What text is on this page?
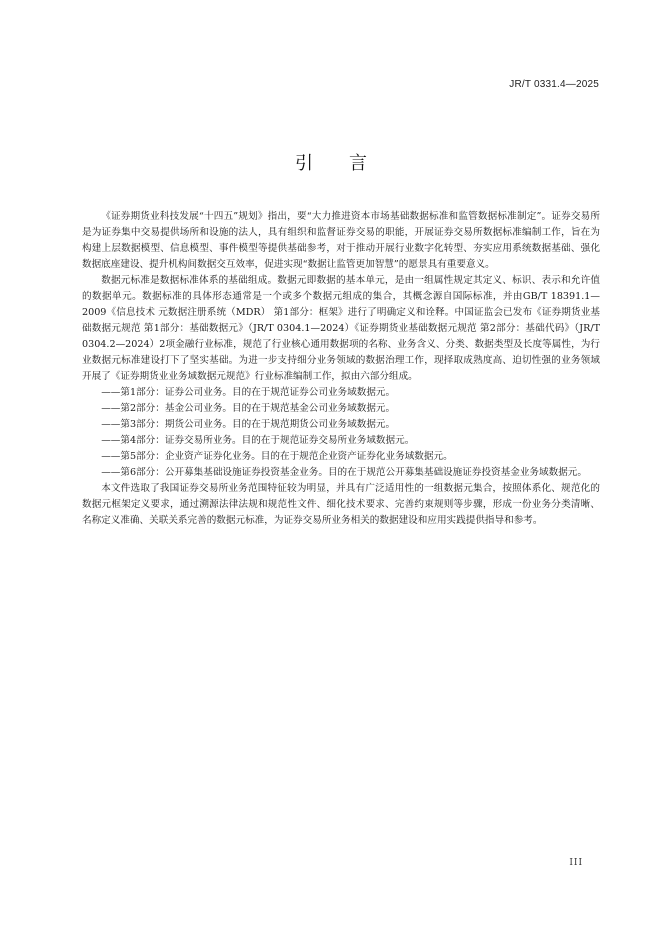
JR/T 0331.4—2025
引言

《证券期货业科技发展“十四五”规划》指出，要“大力推进资本市场基础数据标准和监管数据标准制定”。证券交易所是为证券集中交易提供场所和设施的法人，具有组织和监督证券交易的职能，开展证券交易所数据标准编制工作，旨在为构建上层数据模型、信息模型、事件模型等提供基础参考，对于推动开展行业数字化转型、夯实应用系统数据基础、强化数据底座建设、提升机构间数据交互效率，促进实现“数据让监管更加智慧”的愿景具有重要意义。

数据元标准是数据标准体系的基础组成。数据元即数据的基本单元，是由一组属性规定其定义、标识、表示和允许值的数据单元。数据标准的具体形态通常是一个或多个数据元组成的集合，其概念源自国际标准，并由GB/T 18391.1—2009《信息技术 元数据注册系统（MDR） 第1部分：框架》进行了明确定义和诠释。中国证监会已发布《证券期货业基础数据元规范 第1部分：基础数据元》（JR/T 0304.1—2024）《证券期货业基础数据元规范 第2部分：基础代码》（JR/T 0304.2—2024）2项金融行业标准，规范了行业核心通用数据项的名称、业务含义、分类、数据类型及长度等属性，为行业数据元标准建设打下了坚实基础。为进一步支持细分业务领域的数据治理工作，现择取成熟度高、迫切性强的业务领域开展了《证券期货业业务域数据元规范》行业标准编制工作，拟由六部分组成。

——第1部分：证券公司业务。目的在于规范证券公司业务域数据元。

——第2部分：基金公司业务。目的在于规范基金公司业务域数据元。

——第3部分：期货公司业务。目的在于规范期货公司业务域数据元。

——第4部分：证券交易所业务。目的在于规范证券交易所业务域数据元。

——第5部分：企业资产证券化业务。目的在于规范企业资产证券化业务域数据元。

——第6部分：公开募集基础设施证券投资基金业务。目的在于规范公开募集基础设施证券投资基金业务域数据元。

本文件选取了我国证券交易所业务范围特征较为明显，并具有广泛适用性的一组数据元集合，按照体系化、规范化的数据元框架定义要求，通过溯源法律法规和规范性文件、细化技术要求、完善约束规则等步骤，形成一份业务分类清晰、名称定义准确、关联关系完善的数据元标准，为证券交易所业务相关的数据建设和应用实践提供指导和参考。

III
